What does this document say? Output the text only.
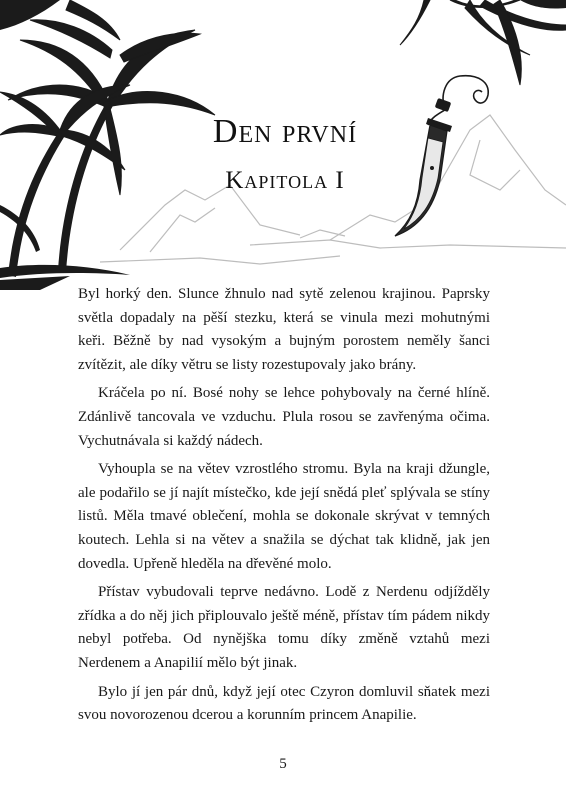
Den první
Kapitola I

Byl horký den. Slunce žhnulo nad sytě zelenou krajinou. Paprsky světla dopadaly na pěší stezku, která se vinula mezi mohutnými keři. Běžně by nad vysokým a bujným porostem neměly šanci zvítězit, ale díky větru se listy rozestupovaly jako brány.

Kráčela po ní. Bosé nohy se lehce pohybovaly na černé hlíně. Zdánlivě tancovala ve vzduchu. Plula rosou se zavřenýma očima. Vychutnávala si každý nádech.

Vyhoupla se na větev vzrostlého stromu. Byla na kraji džungle, ale podařilo se jí najít místečko, kde její snědá pleť splývala se stíny listů. Měla tmavé oblečení, mohla se dokonale skrývat v temných koutech. Lehla si na větev a snažila se dýchat tak klidně, jak jen dovedla. Upřeně hleděla na dřevěné molo.

Přístav vybudovali teprve nedávno. Lodě z Nerdenu odjížděly zřídka a do něj jich připlouvalo ještě méně, přístav tím pádem nikdy nebyl potřeba. Od nynějška tomu díky změně vztahů mezi Nerdenem a Anapilií mělo být jinak.

Bylo jí jen pár dnů, když její otec Czyron domluvil sňatek mezi svou novorozenou dcerou a korunním princem Anapilie.

5
